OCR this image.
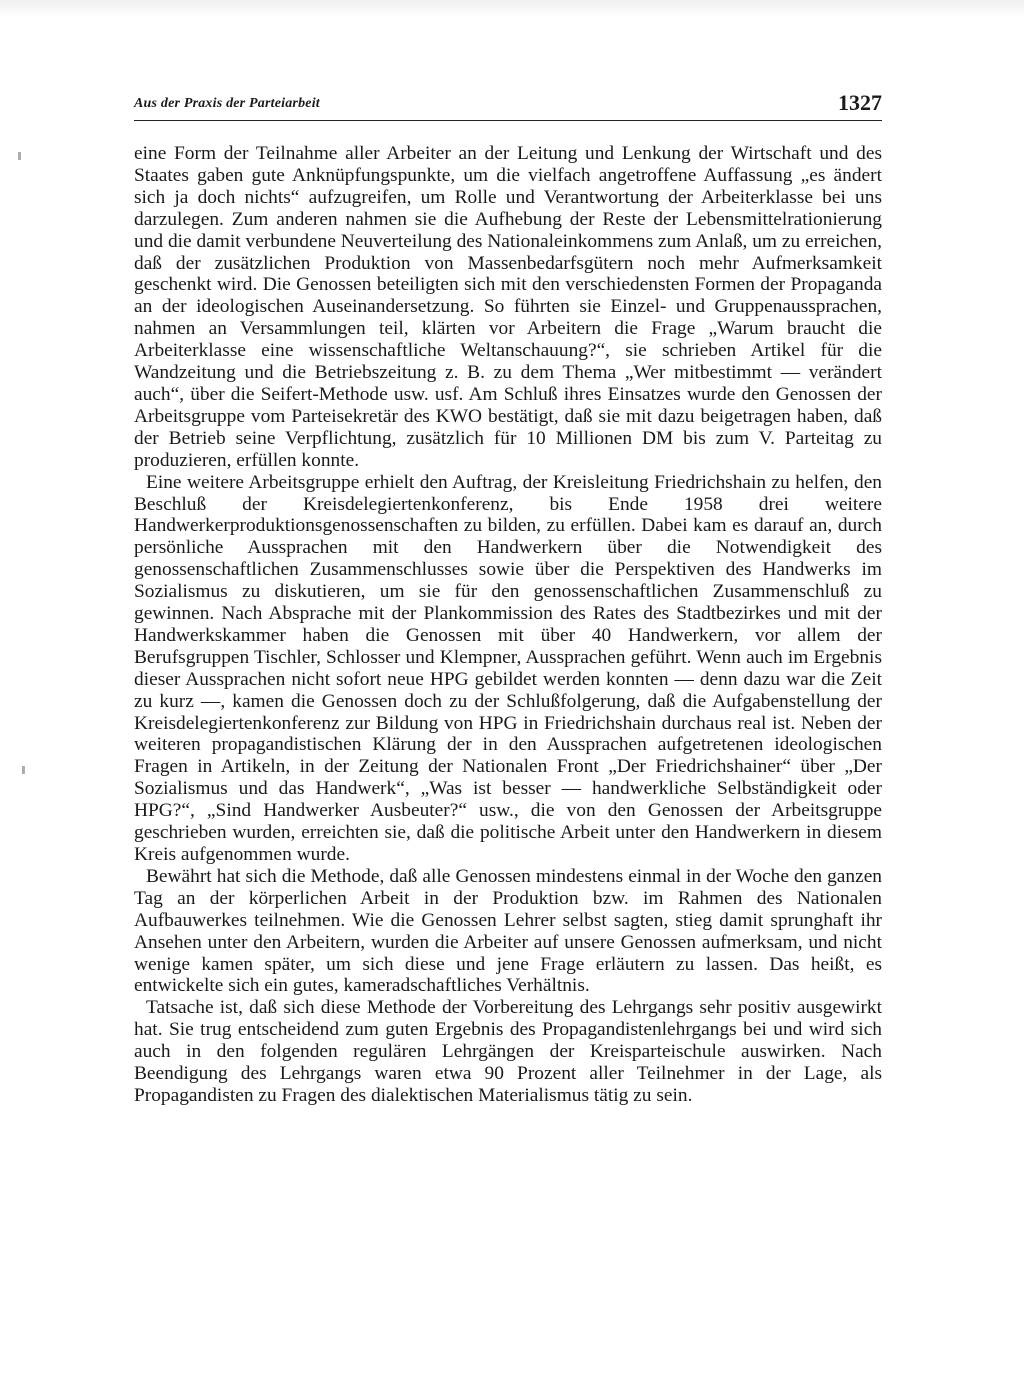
Aus der Praxis der Parteiarbeit	1327

eine Form der Teilnahme aller Arbeiter an der Leitung und Lenkung der Wirtschaft und des Staates gaben gute Anknüpfungspunkte, um die vielfach angetroffene Auffassung „es ändert sich ja doch nichts“ aufzugreifen, um Rolle und Verantwortung der Arbeiterklasse bei uns darzulegen. Zum anderen nahmen sie die Aufhebung der Reste der Lebensmittelrationierung und die damit verbundene Neuverteilung des Nationaleinkommens zum Anlaß, um zu erreichen, daß der zusätzlichen Produktion von Massenbedarfsgütern noch mehr Aufmerksamkeit geschenkt wird. Die Genossen beteiligten sich mit den verschiedensten Formen der Propaganda an der ideologischen Auseinandersetzung. So führten sie Einzel- und Gruppenaussprachen, nahmen an Versammlungen teil, klärten vor Arbeitern die Frage „Warum braucht die Arbeiterklasse eine wissenschaftliche Weltanschauung?“, sie schrieben Artikel für die Wandzeitung und die Betriebszeitung z. B. zu dem Thema „Wer mitbestimmt — verändert auch“, über die Seifert-Methode usw. usf. Am Schluß ihres Einsatzes wurde den Genossen der Arbeitsgruppe vom Parteisekretär des KWO bestätigt, daß sie mit dazu beigetragen haben, daß der Betrieb seine Verpflichtung, zusätzlich für 10 Millionen DM bis zum V. Parteitag zu produzieren, erfüllen konnte.

Eine weitere Arbeitsgruppe erhielt den Auftrag, der Kreisleitung Friedrichshain zu helfen, den Beschluß der Kreisdelegiertenkonferenz, bis Ende 1958 drei weitere Handwerkerproduktionsgenossenschaften zu bilden, zu erfüllen. Dabei kam es darauf an, durch persönliche Aussprachen mit den Handwerkern über die Notwendigkeit des genossenschaftlichen Zusammenschlusses sowie über die Perspektiven des Handwerks im Sozialismus zu diskutieren, um sie für den genossenschaftlichen Zusammenschluß zu gewinnen. Nach Absprache mit der Plankommission des Rates des Stadtbezirkes und mit der Handwerkskammer haben die Genossen mit über 40 Handwerkern, vor allem der Berufsgruppen Tischler, Schlosser und Klempner, Aussprachen geführt. Wenn auch im Ergebnis dieser Aussprachen nicht sofort neue HPG gebildet werden konnten — denn dazu war die Zeit zu kurz —, kamen die Genossen doch zu der Schlußfolgerung, daß die Aufgabenstellung der Kreisdelegiertenkonferenz zur Bildung von HPG in Friedrichshain durchaus real ist. Neben der weiteren propagandistischen Klärung der in den Aussprachen aufgetretenen ideologischen Fragen in Artikeln, in der Zeitung der Nationalen Front „Der Friedrichshainer“ über „Der Sozialismus und das Handwerk“, „Was ist besser — handwerkliche Selbständigkeit oder HPG?“, „Sind Handwerker Ausbeuter?“ usw., die von den Genossen der Arbeitsgruppe geschrieben wurden, erreichten sie, daß die politische Arbeit unter den Handwerkern in diesem Kreis aufgenommen wurde.

Bewährt hat sich die Methode, daß alle Genossen mindestens einmal in der Woche den ganzen Tag an der körperlichen Arbeit in der Produktion bzw. im Rahmen des Nationalen Aufbauwerkes teilnehmen. Wie die Genossen Lehrer selbst sagten, stieg damit sprunghaft ihr Ansehen unter den Arbeitern, wurden die Arbeiter auf unsere Genossen aufmerksam, und nicht wenige kamen später, um sich diese und jene Frage erläutern zu lassen. Das heißt, es entwickelte sich ein gutes, kameradschaftliches Verhältnis.

Tatsache ist, daß sich diese Methode der Vorbereitung des Lehrgangs sehr positiv ausgewirkt hat. Sie trug entscheidend zum guten Ergebnis des Propagandistenlehrgangs bei und wird sich auch in den folgenden regulären Lehrgängen der Kreisparteischule auswirken. Nach Beendigung des Lehrgangs waren etwa 90 Prozent aller Teilnehmer in der Lage, als Propagandisten zu Fragen des dialektischen Materialismus tätig zu sein.
